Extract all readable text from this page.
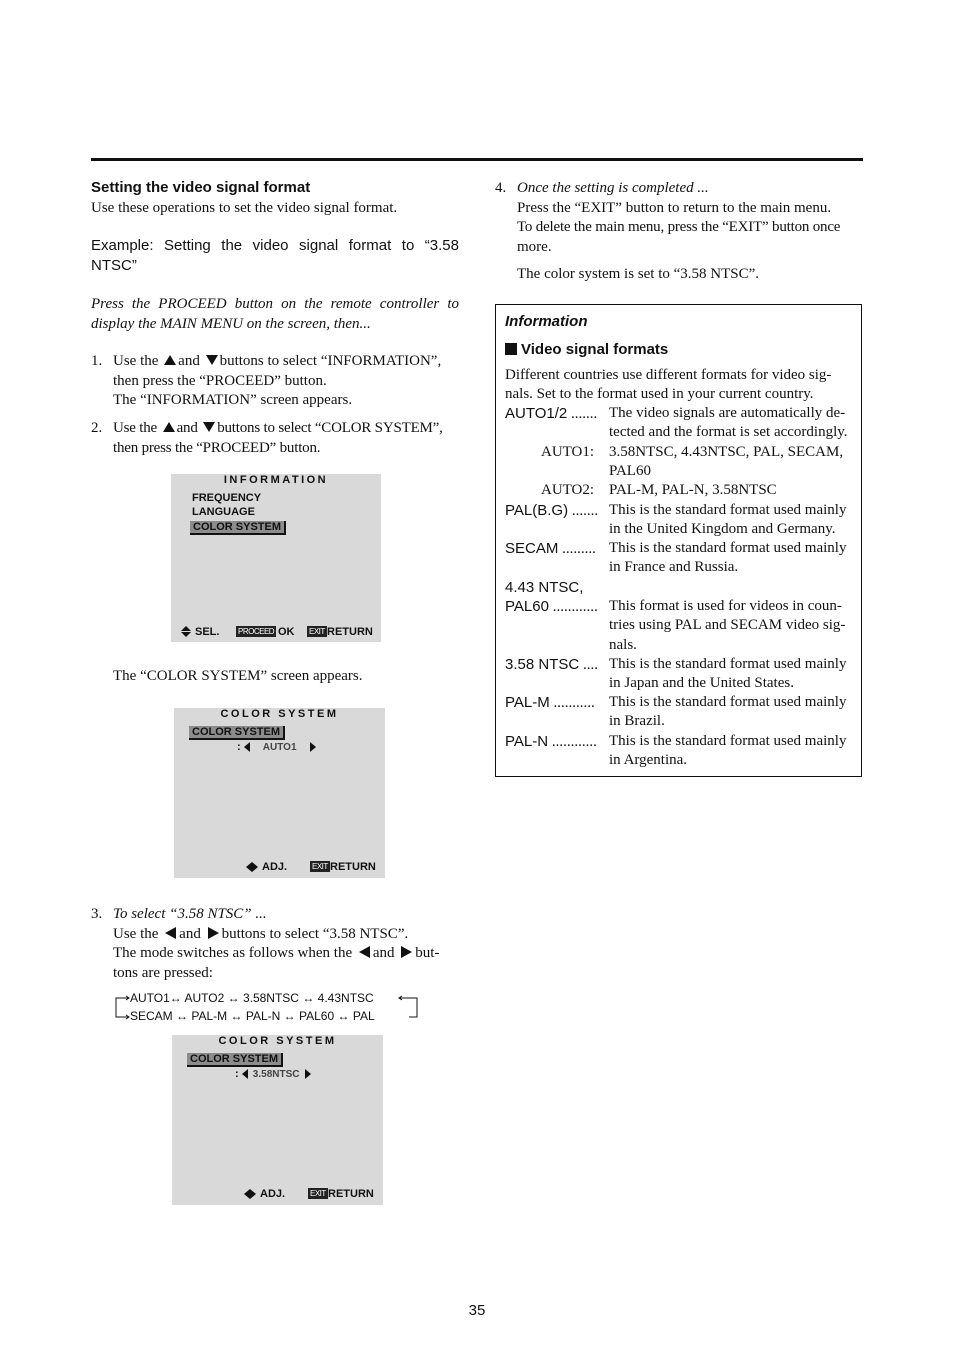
Setting the video signal format
Use these operations to set the video signal format.
Example: Setting the video signal format to “3.58 NTSC”
Press the PROCEED button on the remote controller to display the MAIN MENU on the screen, then...
1. Use the and buttons to select “INFORMATION”,
then press the “PROCEED” button.
The “INFORMATION” screen appears.
2. Use the and buttons to select “COLOR SYSTEM”,
then press the “PROCEED” button.
INFORMATION
FREQUENCY
LANGUAGE
COLOR SYSTEM
SEL. PROCEED OK EXIT RETURN
The “COLOR SYSTEM” screen appears.
COLOR SYSTEM
COLOR SYSTEM
: AUTO1
ADJ.	EXIT RETURN
3. To select “3.58 NTSC” ...
Use the and buttons to select “3.58 NTSC”.
The mode switches as follows when the and but-
tons are pressed:
AUTO1↔ AUTO2 ↔ 3.58NTSC ↔ 4.43NTSC
SECAM ↔ PAL-M ↔ PAL-N ↔ PAL60 ↔ PAL
COLOR SYSTEM
COLOR SYSTEM
: 3.58NTSC
ADJ.	EXIT RETURN
4. Once the setting is completed ...
Press the “EXIT” button to return to the main menu.
To delete the main menu, press the “EXIT” button once
more.
The color system is set to “3.58 NTSC”.
Information
Video signal formats
Different countries use different formats for video sig-
nals. Set to the format used in your current country.
AUTO1/2 ....... The video signals are automatically de-
tected and the format is set accordingly.
AUTO1: 3.58NTSC, 4.43NTSC, PAL, SECAM,
PAL60
AUTO2: PAL-M, PAL-N, 3.58NTSC
PAL(B.G) ....... This is the standard format used mainly
in the United Kingdom and Germany.
SECAM ......... This is the standard format used mainly
in France and Russia.
4.43 NTSC,
PAL60 ............ This format is used for videos in coun-
tries using PAL and SECAM video sig-
nals.
3.58 NTSC .... This is the standard format used mainly
in Japan and the United States.
PAL-M ........... This is the standard format used mainly
in Brazil.
PAL-N ............ This is the standard format used mainly
in Argentina.
35
